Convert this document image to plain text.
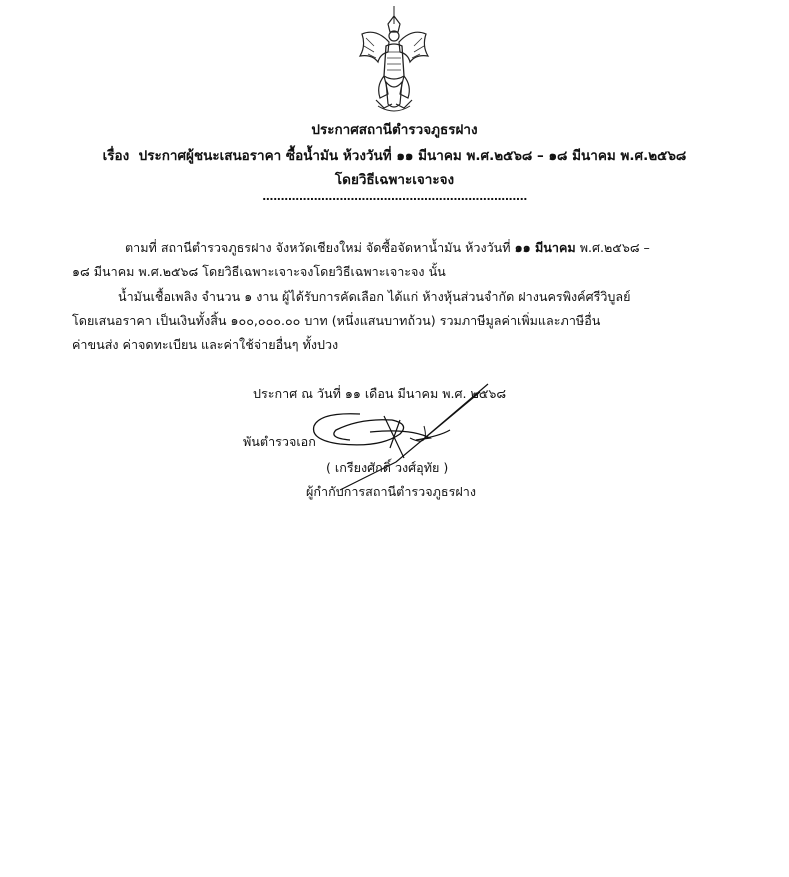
ประกาศสถานีตำรวจภูธรฝาง
เรื่อง ประกาศผู้ชนะเสนอราคา ซื้อน้ำมัน ห้วงวันที่ ๑๑ มีนาคม พ.ศ.๒๕๖๘ – ๑๘ มีนาคม พ.ศ.๒๕๖๘
โดยวิธีเฉพาะเจาะจง
........................................................................
ตามที่ สถานีตำรวจภูธรฝาง จังหวัดเชียงใหม่ จัดซื้อจัดหาน้ำมัน ห้วงวันที่ ๑๑ มีนาคม พ.ศ.๒๕๖๘ –
๑๘ มีนาคม พ.ศ.๒๕๖๘ โดยวิธีเฉพาะเจาะจงโดยวิธีเฉพาะเจาะจง นั้น
น้ำมันเชื้อเพลิง จำนวน ๑ งาน ผู้ได้รับการคัดเลือก ได้แก่ ห้างหุ้นส่วนจำกัด ฝางนครพิงค์ศรีวิบูลย์
โดยเสนอราคา เป็นเงินทั้งสิ้น ๑๐๐,๐๐๐.๐๐ บาท (หนึ่งแสนบาทถ้วน) รวมภาษีมูลค่าเพิ่มและภาษีอื่น
ค่าขนส่ง ค่าจดทะเบียน และค่าใช้จ่ายอื่นๆ ทั้งปวง
ประกาศ ณ วันที่ ๑๑ เดือน มีนาคม พ.ศ. ๒๕๖๘
พันตำรวจเอก
( เกรียงศักดิ์ วงศ์อุทัย )
ผู้กำกับการสถานีตำรวจภูธรฝาง
